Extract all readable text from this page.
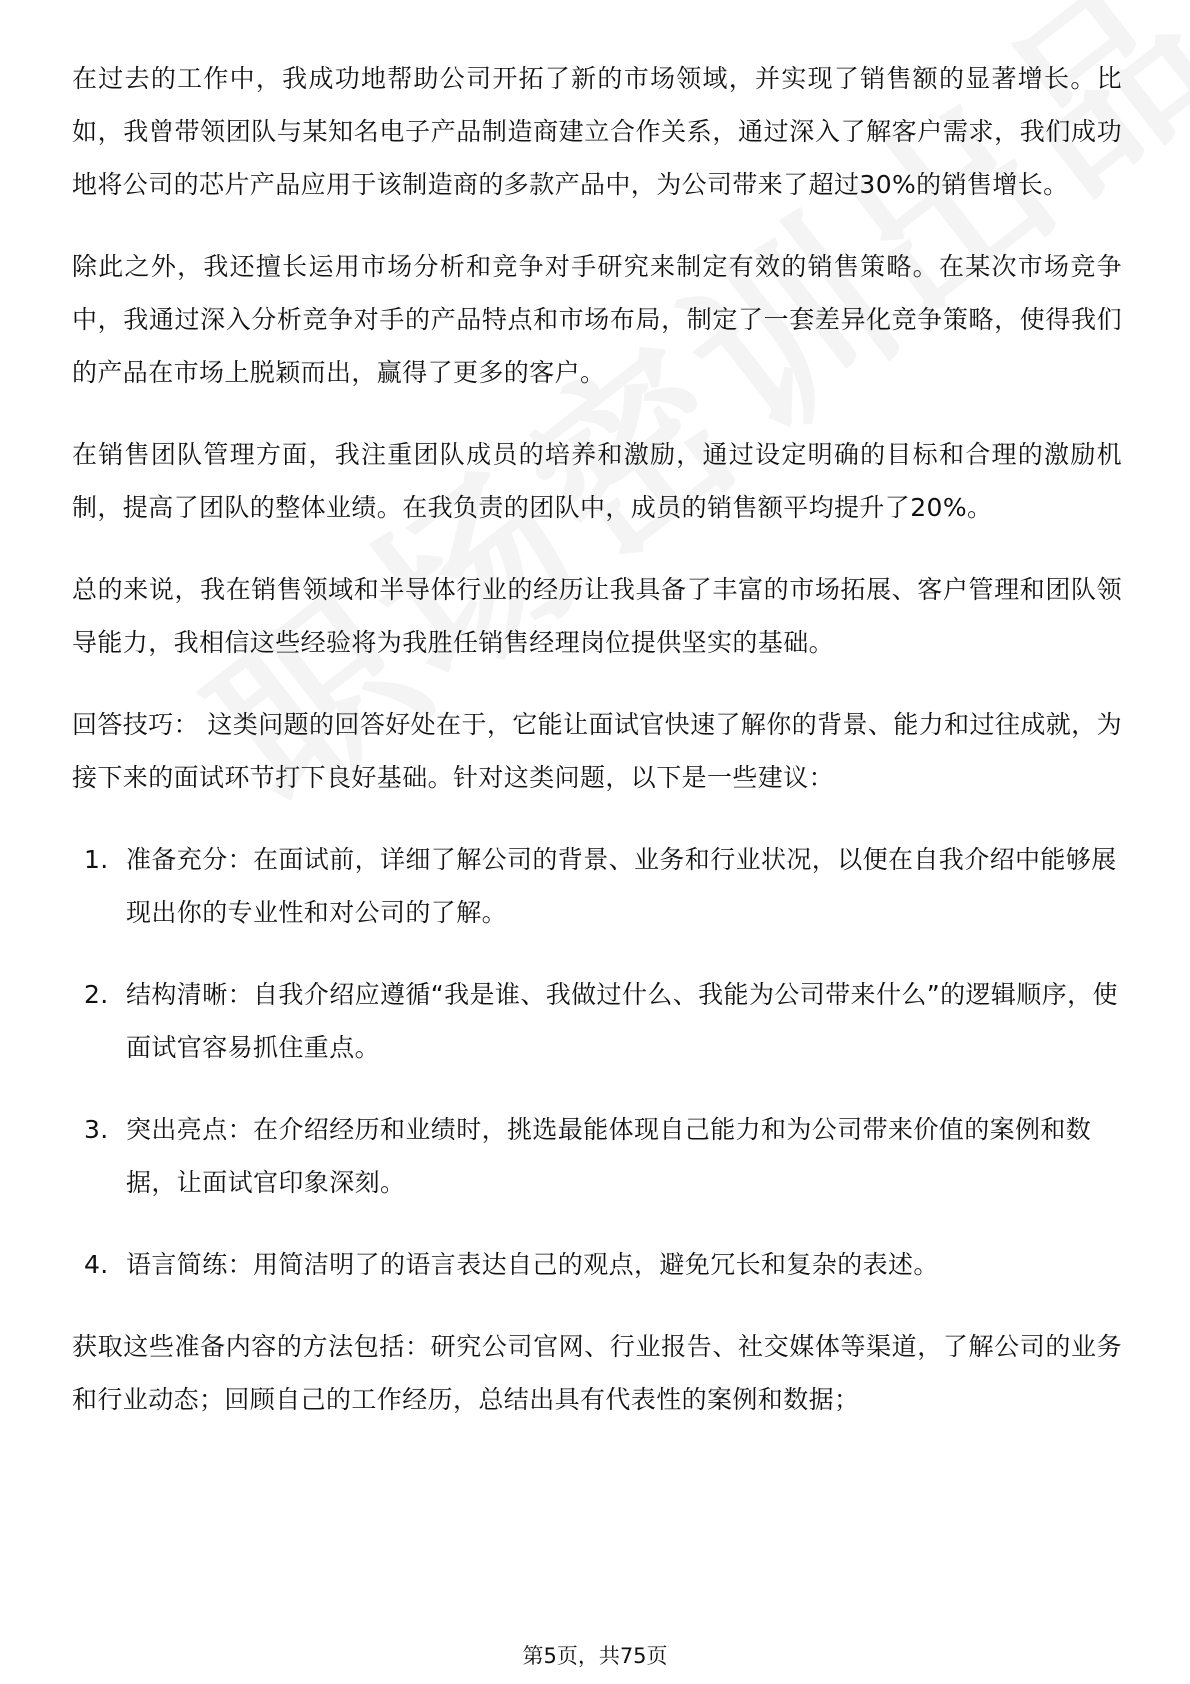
在过去的工作中，我成功地帮助公司开拓了新的市场领域，并实现了销售额的显著增长。比如，我曾带领团队与某知名电子产品制造商建立合作关系，通过深入了解客户需求，我们成功地将公司的芯片产品应用于该制造商的多款产品中，为公司带来了超过30%的销售增长。

除此之外，我还擅长运用市场分析和竞争对手研究来制定有效的销售策略。在某次市场竞争中，我通过深入分析竞争对手的产品特点和市场布局，制定了一套差异化竞争策略，使得我们的产品在市场上脱颖而出，赢得了更多的客户。

在销售团队管理方面，我注重团队成员的培养和激励，通过设定明确的目标和合理的激励机制，提高了团队的整体业绩。在我负责的团队中，成员的销售额平均提升了20%。

总的来说，我在销售领域和半导体行业的经历让我具备了丰富的市场拓展、客户管理和团队领导能力，我相信这些经验将为我胜任销售经理岗位提供坚实的基础。

回答技巧： 这类问题的回答好处在于，它能让面试官快速了解你的背景、能力和过往成就，为接下来的面试环节打下良好基础。针对这类问题，以下是一些建议：

1. 准备充分：在面试前，详细了解公司的背景、业务和行业状况，以便在自我介绍中能够展现出你的专业性和对公司的了解。
2. 结构清晰：自我介绍应遵循“我是谁、我做过什么、我能为公司带来什么”的逻辑顺序，使面试官容易抓住重点。
3. 突出亮点：在介绍经历和业绩时，挑选最能体现自己能力和为公司带来价值的案例和数据，让面试官印象深刻。
4. 语言简练：用简洁明了的语言表达自己的观点，避免冗长和复杂的表述。

获取这些准备内容的方法包括：研究公司官网、行业报告、社交媒体等渠道，了解公司的业务和行业动态；回顾自己的工作经历，总结出具有代表性的案例和数据；

第5页，共75页
